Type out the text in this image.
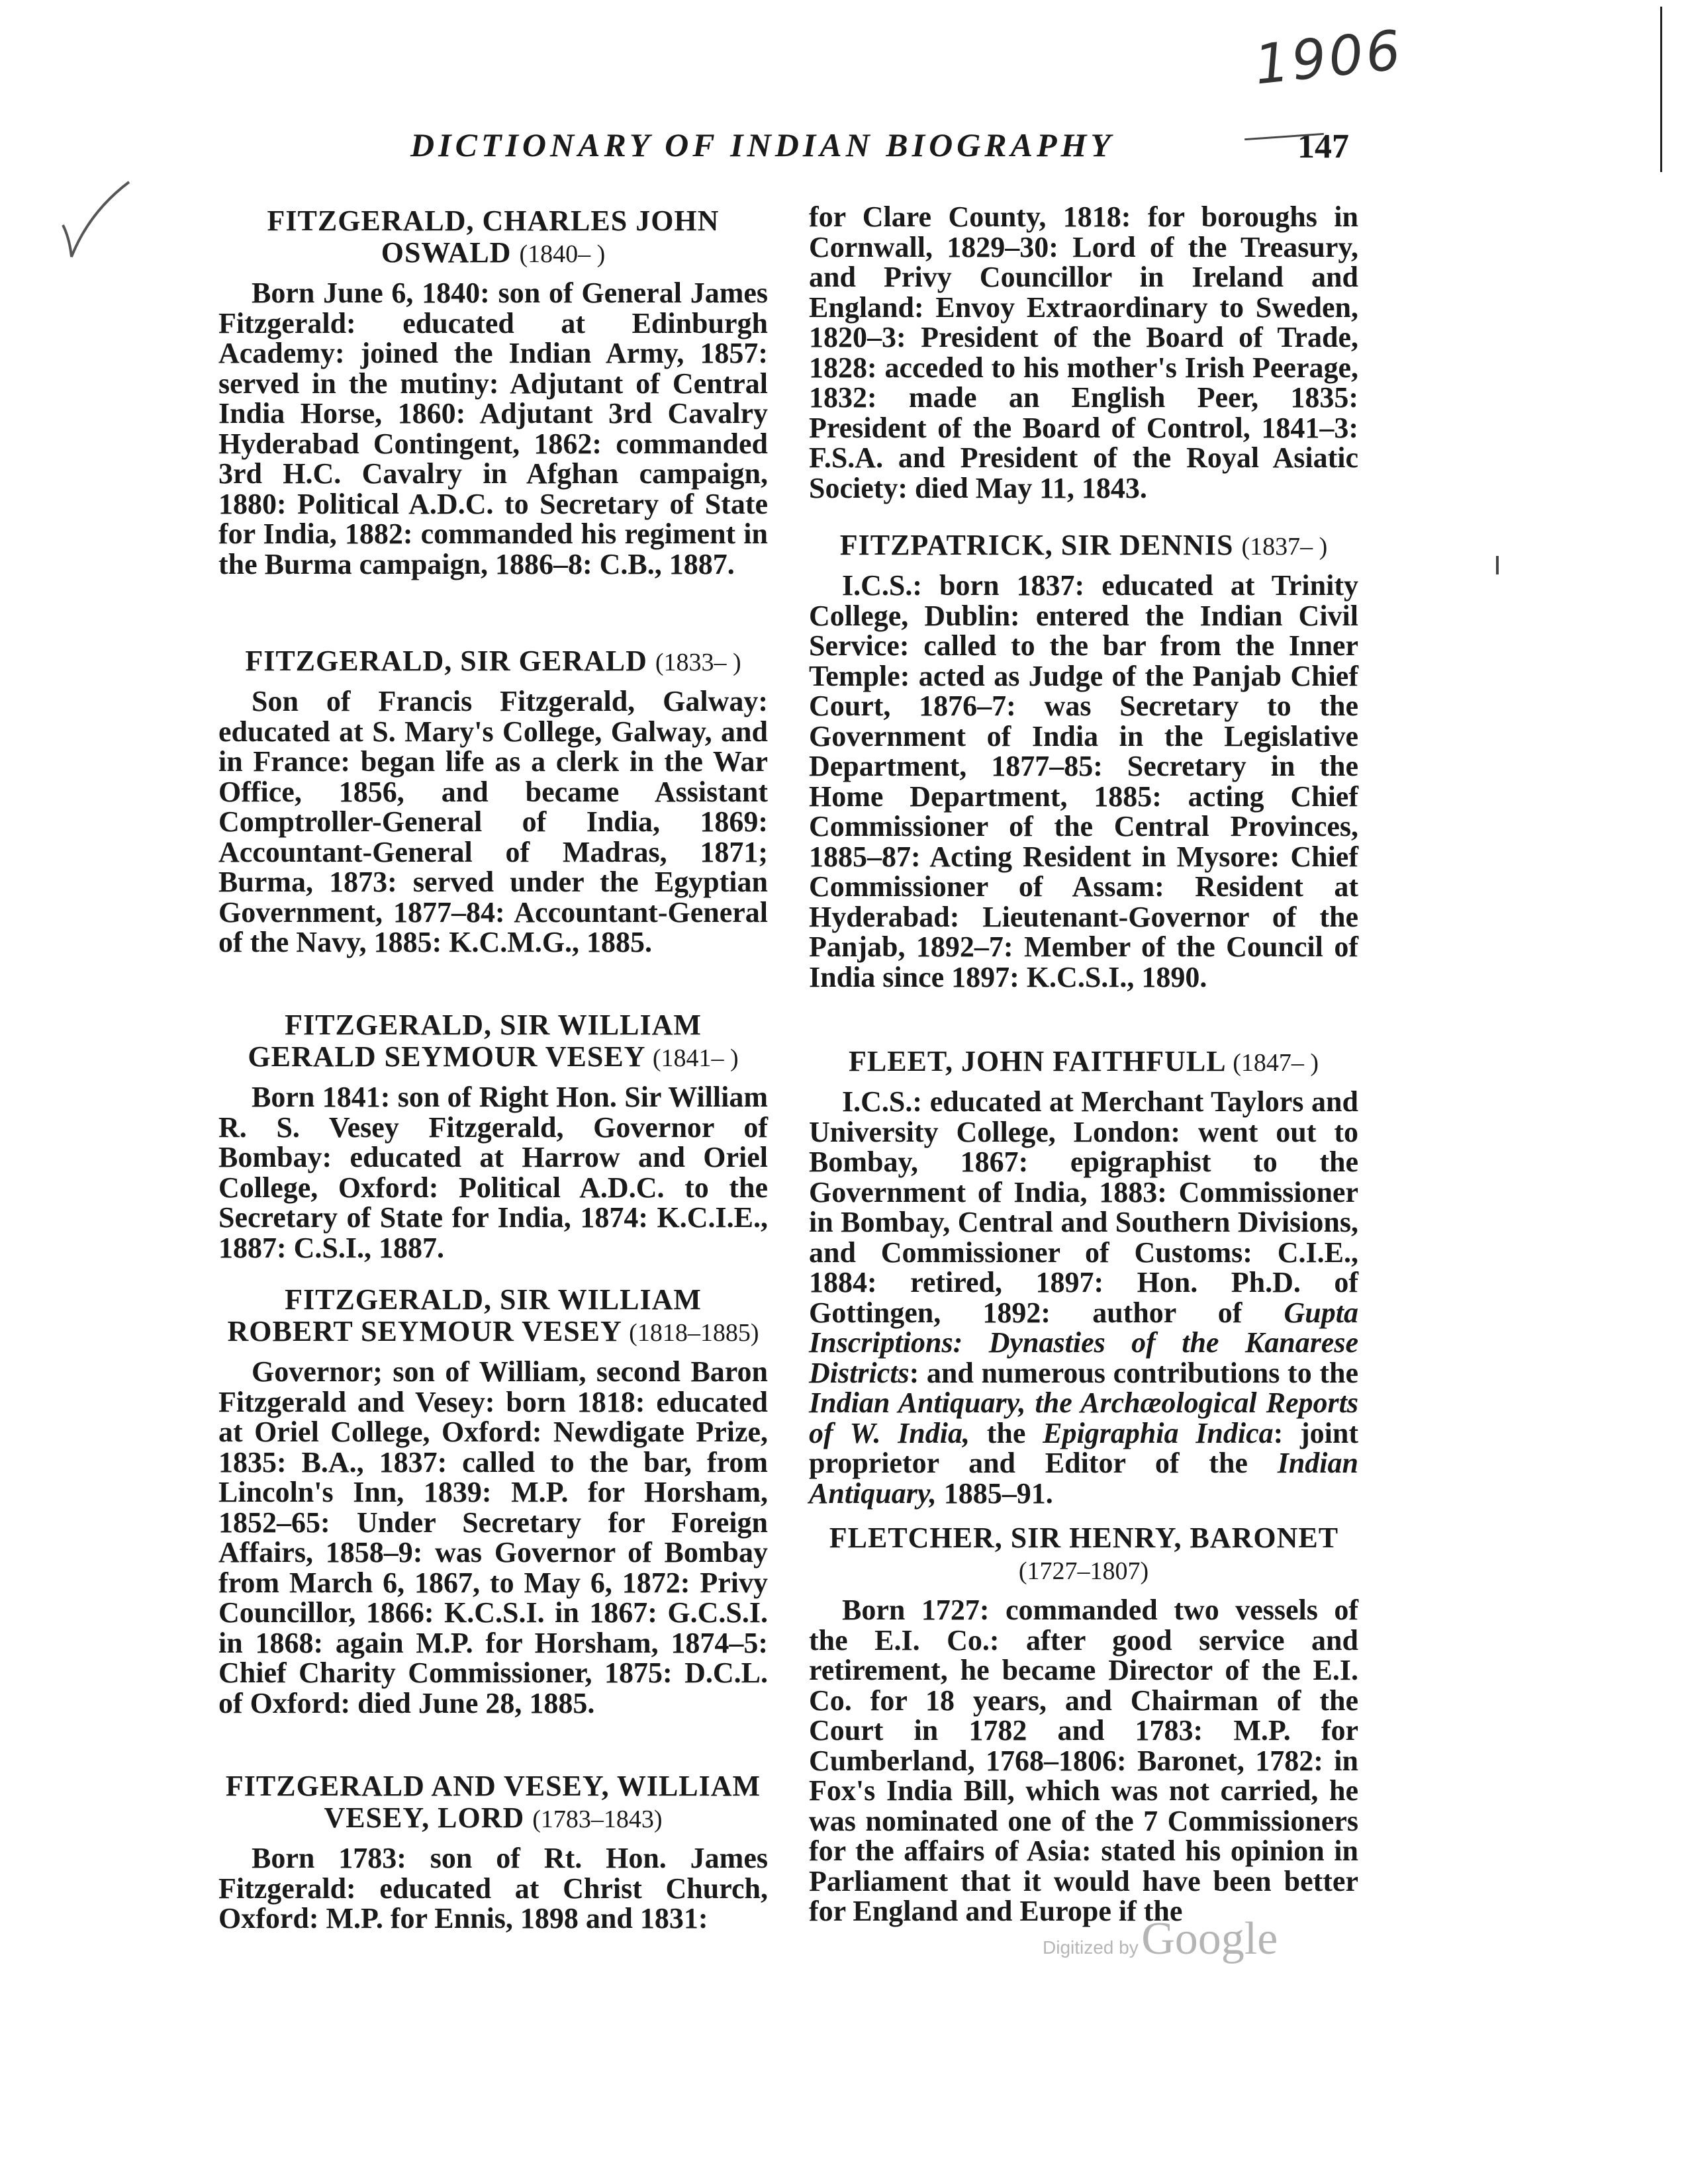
DICTIONARY OF INDIAN BIOGRAPHY	147
1906
FITZGERALD, CHARLES JOHN OSWALD (1840– )
Born June 6, 1840: son of General James Fitzgerald: educated at Edinburgh Academy: joined the Indian Army, 1857: served in the mutiny: Adjutant of Central India Horse, 1860: Adjutant 3rd Cavalry Hyderabad Contingent, 1862: commanded 3rd H.C. Cavalry in Afghan campaign, 1880: Political A.D.C. to Secretary of State for India, 1882: commanded his regiment in the Burma campaign, 1886–8: C.B., 1887.
FITZGERALD, SIR GERALD (1833– )
Son of Francis Fitzgerald, Galway: educated at S. Mary's College, Galway, and in France: began life as a clerk in the War Office, 1856, and became Assistant Comptroller-General of India, 1869: Accountant-General of Madras, 1871; Burma, 1873: served under the Egyptian Government, 1877–84: Accountant-General of the Navy, 1885: K.C.M.G., 1885.
FITZGERALD, SIR WILLIAM GERALD SEYMOUR VESEY (1841– )
Born 1841: son of Right Hon. Sir William R. S. Vesey Fitzgerald, Governor of Bombay: educated at Harrow and Oriel College, Oxford: Political A.D.C. to the Secretary of State for India, 1874: K.C.I.E., 1887: C.S.I., 1887.
FITZGERALD, SIR WILLIAM ROBERT SEYMOUR VESEY (1818–1885)
Governor; son of William, second Baron Fitzgerald and Vesey: born 1818: educated at Oriel College, Oxford: Newdigate Prize, 1835: B.A., 1837: called to the bar, from Lincoln's Inn, 1839: M.P. for Horsham, 1852–65: Under Secretary for Foreign Affairs, 1858–9: was Governor of Bombay from March 6, 1867, to May 6, 1872: Privy Councillor, 1866: K.C.S.I. in 1867: G.C.S.I. in 1868: again M.P. for Horsham, 1874–5: Chief Charity Commissioner, 1875: D.C.L. of Oxford: died June 28, 1885.
FITZGERALD AND VESEY, WILLIAM VESEY, LORD (1783–1843)
Born 1783: son of Rt. Hon. James Fitzgerald: educated at Christ Church, Oxford: M.P. for Ennis, 1898 and 1831:
for Clare County, 1818: for boroughs in Cornwall, 1829–30: Lord of the Treasury, and Privy Councillor in Ireland and England: Envoy Extraordinary to Sweden, 1820–3: President of the Board of Trade, 1828: acceded to his mother's Irish Peerage, 1832: made an English Peer, 1835: President of the Board of Control, 1841–3: F.S.A. and President of the Royal Asiatic Society: died May 11, 1843.
FITZPATRICK, SIR DENNIS (1837– )
I.C.S.: born 1837: educated at Trinity College, Dublin: entered the Indian Civil Service: called to the bar from the Inner Temple: acted as Judge of the Panjab Chief Court, 1876–7: was Secretary to the Government of India in the Legislative Department, 1877–85: Secretary in the Home Department, 1885: acting Chief Commissioner of the Central Provinces, 1885–87: Acting Resident in Mysore: Chief Commissioner of Assam: Resident at Hyderabad: Lieutenant-Governor of the Panjab, 1892–7: Member of the Council of India since 1897: K.C.S.I., 1890.
FLEET, JOHN FAITHFULL (1847– )
I.C.S.: educated at Merchant Taylors and University College, London: went out to Bombay, 1867: epigraphist to the Government of India, 1883: Commissioner in Bombay, Central and Southern Divisions, and Commissioner of Customs: C.I.E., 1884: retired, 1897: Hon. Ph.D. of Gottingen, 1892: author of Gupta Inscriptions: Dynasties of the Kanarese Districts: and numerous contributions to the Indian Antiquary, the Archæological Reports of W. India, the Epigraphia Indica: joint proprietor and Editor of the Indian Antiquary, 1885–91.
FLETCHER, SIR HENRY, BARONET (1727–1807)
Born 1727: commanded two vessels of the E.I. Co.: after good service and retirement, he became Director of the E.I. Co. for 18 years, and Chairman of the Court in 1782 and 1783: M.P. for Cumberland, 1768–1806: Baronet, 1782: in Fox's India Bill, which was not carried, he was nominated one of the 7 Commissioners for the affairs of Asia: stated his opinion in Parliament that it would have been better for England and Europe if the
Digitized by Google
